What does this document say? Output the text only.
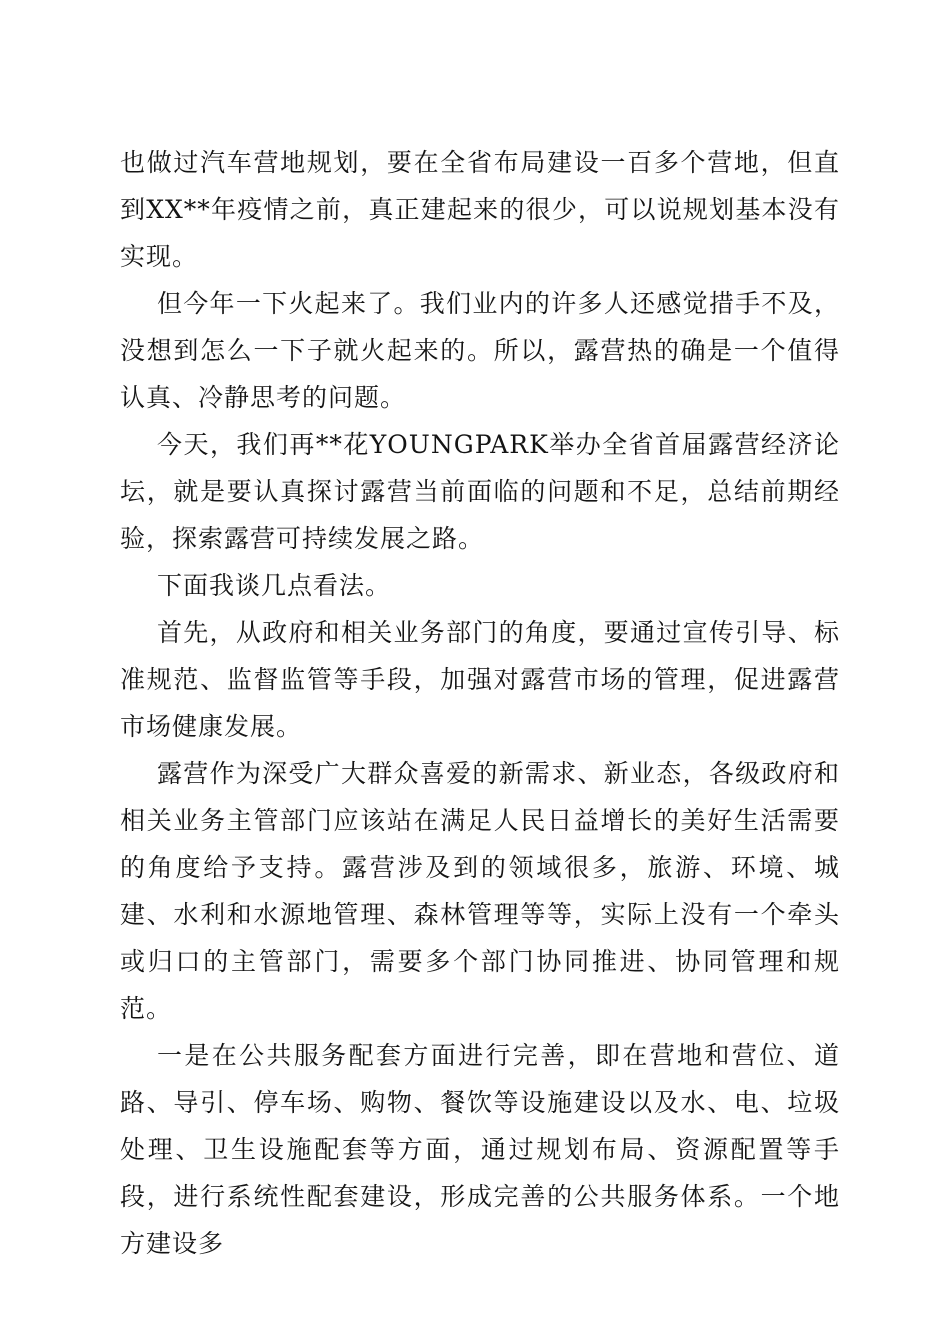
也做过汽车营地规划，要在全省布局建设一百多个营地，但直到XX**年疫情之前，真正建起来的很少，可以说规划基本没有实现。

但今年一下火起来了。我们业内的许多人还感觉措手不及，没想到怎么一下子就火起来的。所以，露营热的确是一个值得认真、冷静思考的问题。

今天，我们再**花YOUNGPARK举办全省首届露营经济论坛，就是要认真探讨露营当前面临的问题和不足，总结前期经验，探索露营可持续发展之路。

下面我谈几点看法。

首先，从政府和相关业务部门的角度，要通过宣传引导、标准规范、监督监管等手段，加强对露营市场的管理，促进露营市场健康发展。

露营作为深受广大群众喜爱的新需求、新业态，各级政府和相关业务主管部门应该站在满足人民日益增长的美好生活需要的角度给予支持。露营涉及到的领域很多，旅游、环境、城建、水利和水源地管理、森林管理等等，实际上没有一个牵头或归口的主管部门，需要多个部门协同推进、协同管理和规范。

一是在公共服务配套方面进行完善，即在营地和营位、道路、导引、停车场、购物、餐饮等设施建设以及水、电、垃圾处理、卫生设施配套等方面，通过规划布局、资源配置等手段，进行系统性配套建设，形成完善的公共服务体系。一个地方建设多
